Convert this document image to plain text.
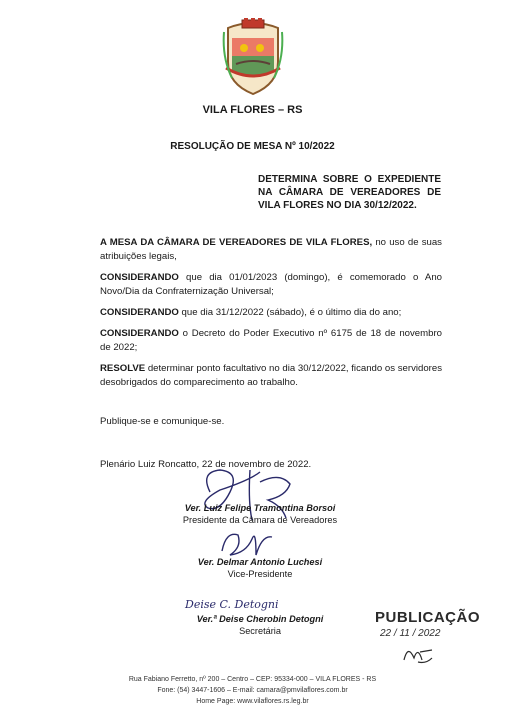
VILA FLORES – RS
RESOLUÇÃO DE MESA Nº 10/2022
DETERMINA SOBRE O EXPEDIENTE NA CÂMARA DE VEREADORES DE VILA FLORES NO DIA 30/12/2022.

A MESA DA CÂMARA DE VEREADORES DE VILA FLORES, no uso de suas atribuições legais,

CONSIDERANDO que dia 01/01/2023 (domingo), é comemorado o Ano Novo/Dia da Confraternização Universal;

CONSIDERANDO que dia 31/12/2022 (sábado), é o último dia do ano;

CONSIDERANDO o Decreto do Poder Executivo nº 6175 de 18 de novembro de 2022;

RESOLVE determinar ponto facultativo no dia 30/12/2022, ficando os servidores desobrigados do comparecimento ao trabalho.

Publique-se e comunique-se.
Plenário Luiz Roncatto, 22 de novembro de 2022.
Deise C. Detogni
Ver. Luiz Felipe Tramontina Borsoi
Presidente da Câmara de Vereadores
Ver. Delmar Antonio Luchesi
Vice-Presidente
Ver.ª Deise Cherobin Detogni
Secretária
PUBLICAÇÃO
22 / 11 / 2022
Rua Fabiano Ferretto, nº 200 – Centro – CEP: 95334-000 – VILA FLORES - RS
Fone: (54) 3447-1606 – E-mail: camara@pmvilaflores.com.br
Home Page: www.vilaflores.rs.leg.br
